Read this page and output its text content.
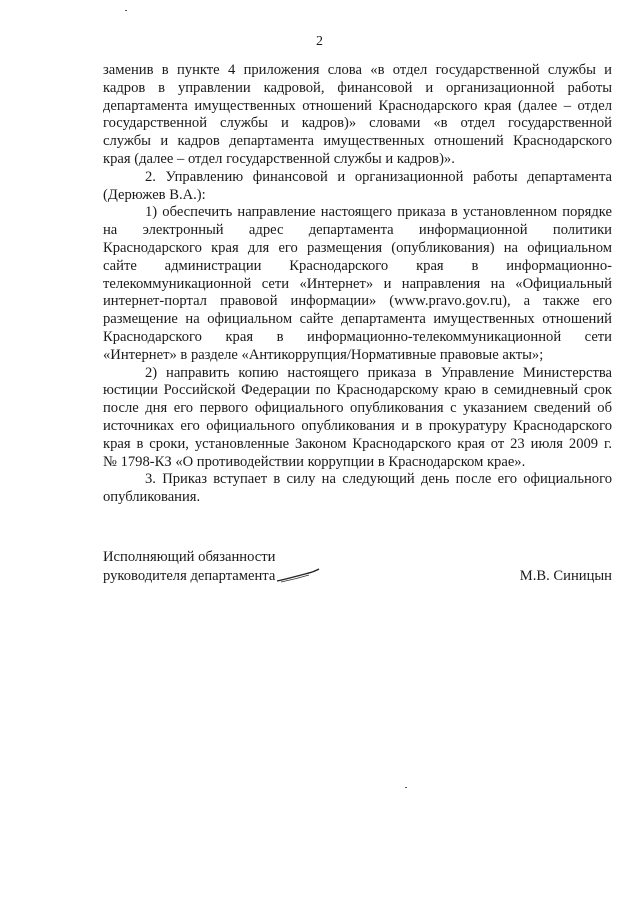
2

заменив в пункте 4 приложения слова «в отдел государственной службы и
кадров в управлении кадровой, финансовой и организационной работы
департамента имущественных отношений Краснодарского края (далее – отдел
государственной службы и кадров)» словами «в отдел государственной
службы и кадров департамента имущественных отношений Краснодарского
края (далее – отдел государственной службы и кадров)».

2. Управлению финансовой и организационной работы департамента
(Дерюжев В.А.):

1) обеспечить направление настоящего приказа в установленном порядке
на электронный адрес департамента информационной политики
Краснодарского края для его размещения (опубликования) на официальном
сайте администрации Краснодарского края в информационно-
телекоммуникационной сети «Интернет» и направления на «Официальный
интернет-портал правовой информации» (www.pravo.gov.ru), а также его
размещение на официальном сайте департамента имущественных отношений
Краснодарского края в информационно-телекоммуникационной сети
«Интернет» в разделе «Антикоррупция/Нормативные правовые акты»;

2) направить копию настоящего приказа в Управление Министерства
юстиции Российской Федерации по Краснодарскому краю в семидневный срок
после дня его первого официального опубликования с указанием сведений об
источниках его официального опубликования и в прокуратуру Краснодарского
края в сроки, установленные Законом Краснодарского края от 23 июля 2009 г.
№ 1798-КЗ «О противодействии коррупции в Краснодарском крае».

3. Приказ вступает в силу на следующий день после его официального
опубликования.

Исполняющий обязанности
руководителя департамента	М.В. Синицын
